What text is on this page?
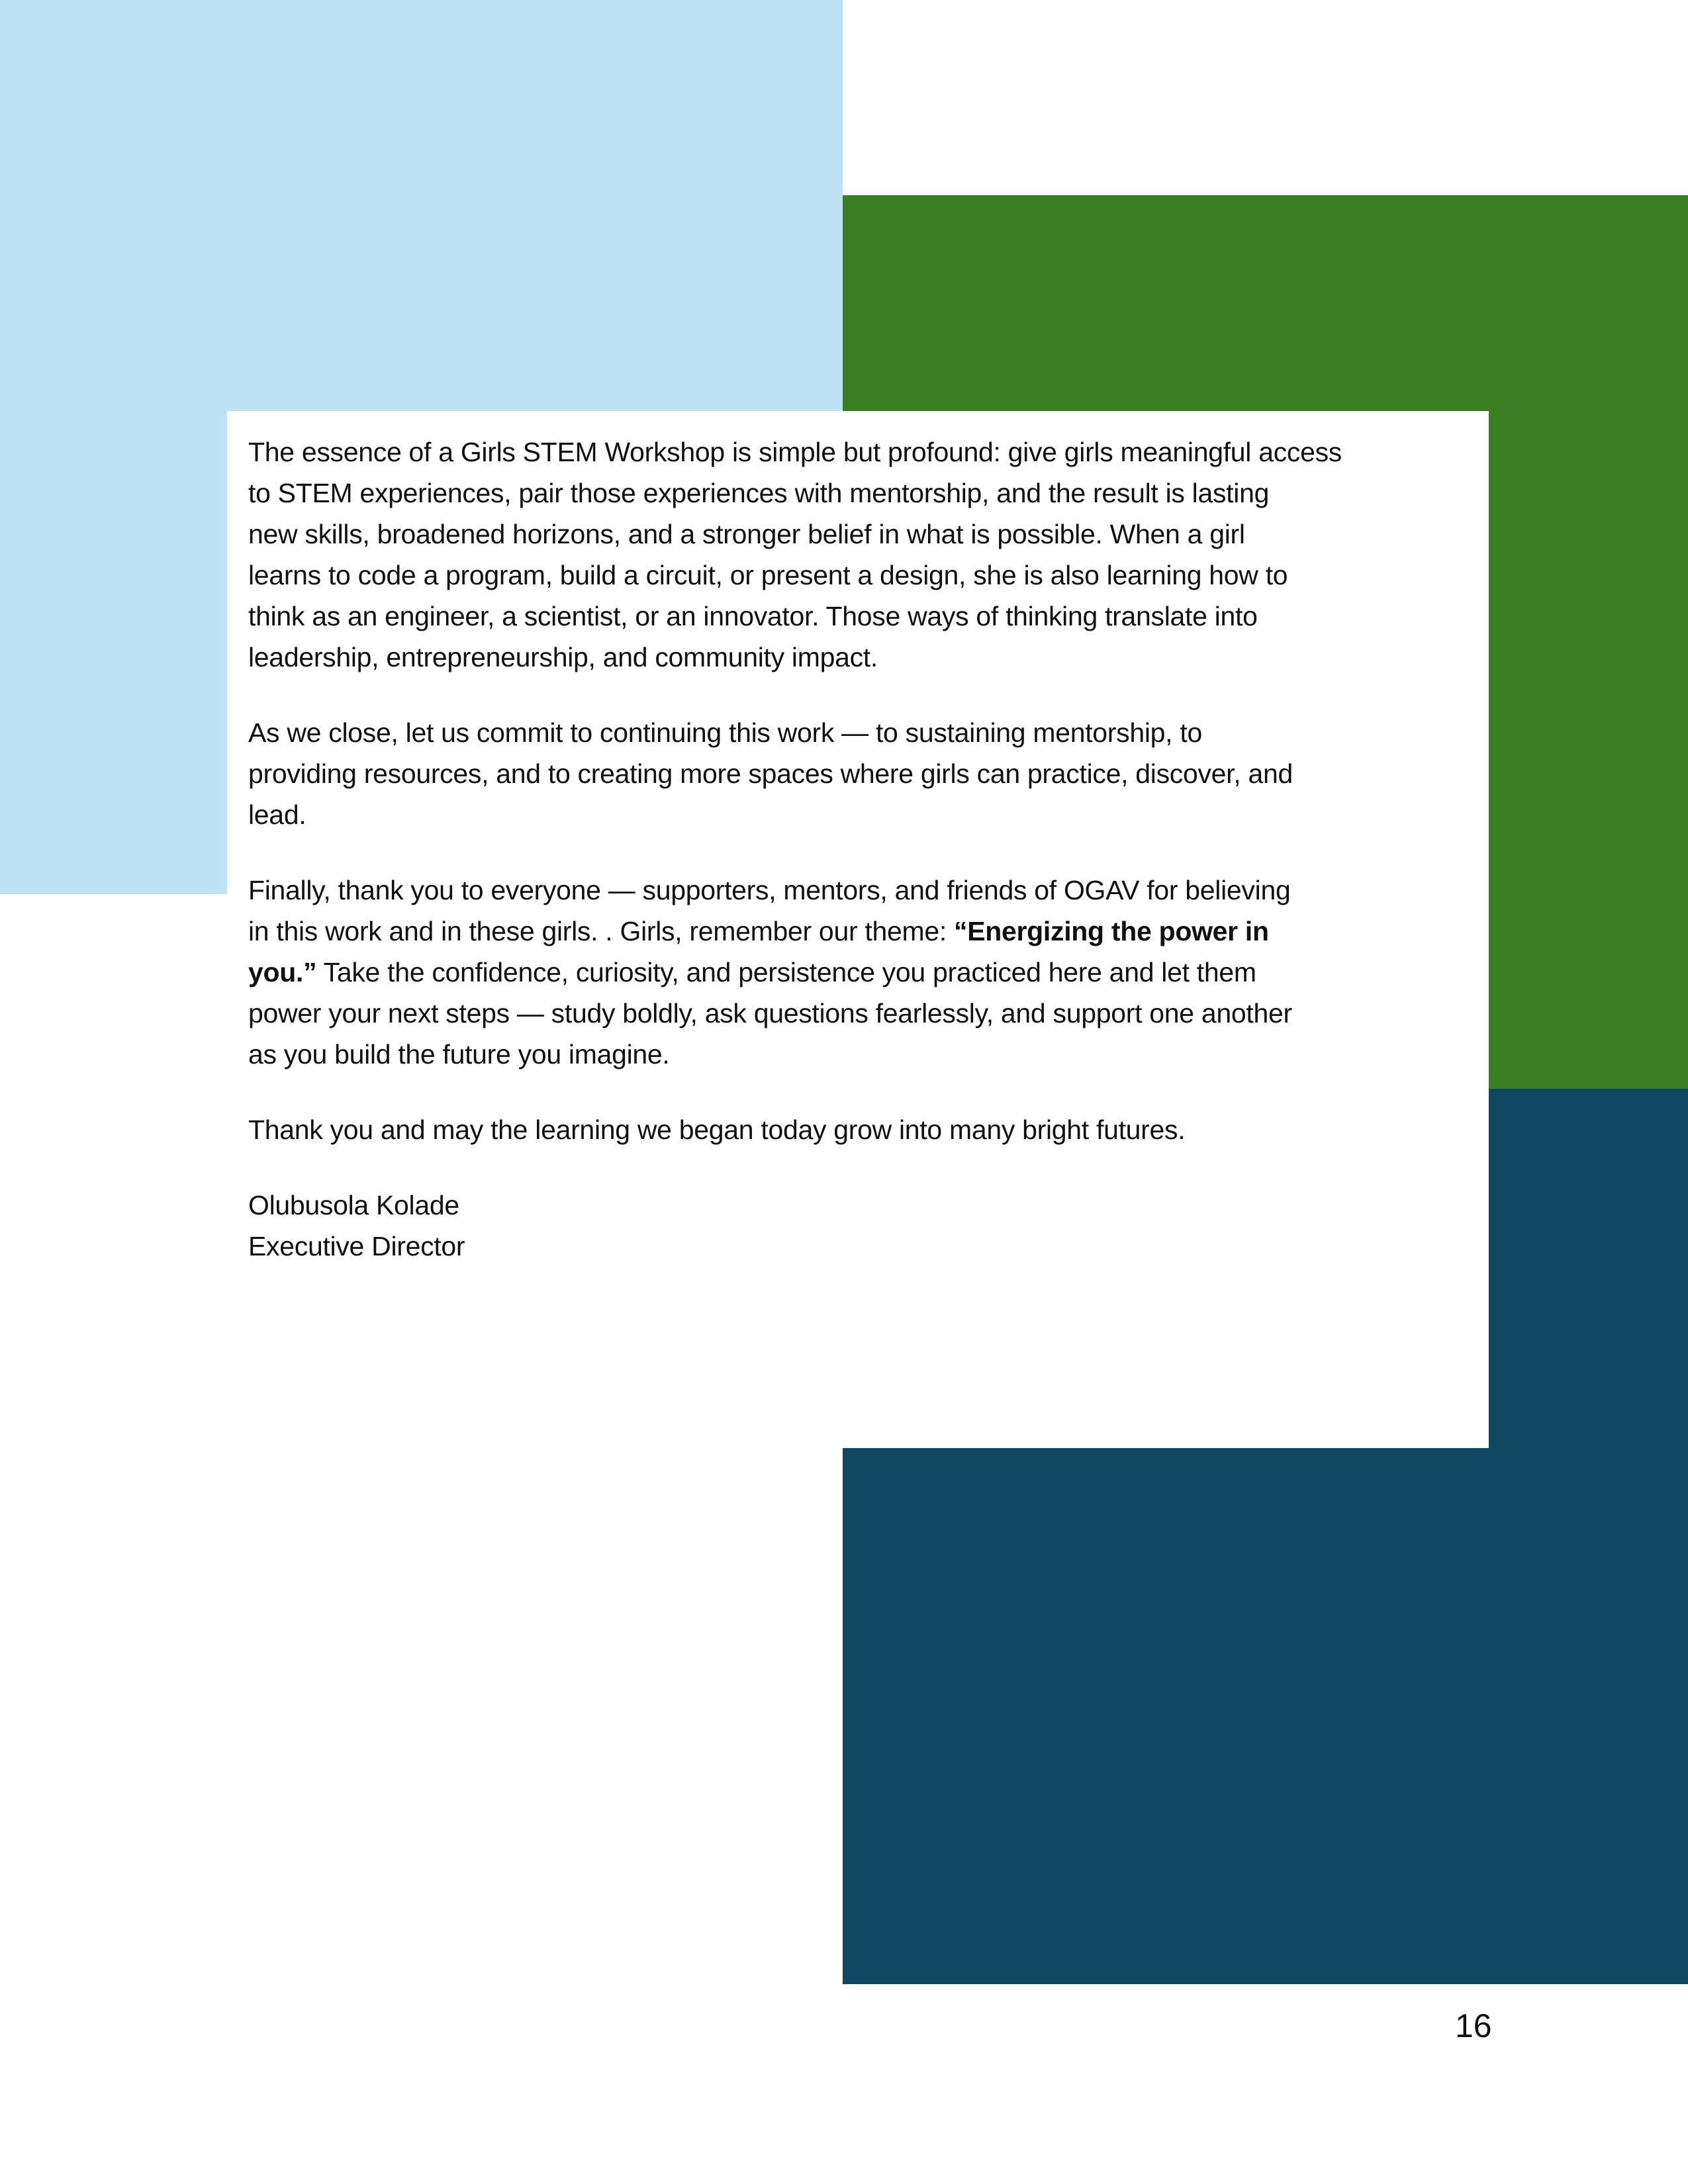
The essence of a Girls STEM Workshop is simple but profound: give girls meaningful access
to STEM experiences, pair those experiences with mentorship, and the result is lasting
new skills, broadened horizons, and a stronger belief in what is possible. When a girl
learns to code a program, build a circuit, or present a design, she is also learning how to
think as an engineer, a scientist, or an innovator. Those ways of thinking translate into
leadership, entrepreneurship, and community impact.
As we close, let us commit to continuing this work — to sustaining mentorship, to
providing resources, and to creating more spaces where girls can practice, discover, and
lead.
Finally, thank you to everyone — supporters, mentors, and friends of OGAV for believing
in this work and in these girls. . Girls, remember our theme: “Energizing the power in
you.” Take the confidence, curiosity, and persistence you practiced here and let them
power your next steps — study boldly, ask questions fearlessly, and support one another
as you build the future you imagine.
Thank you and may the learning we began today grow into many bright futures.
Olubusola Kolade
Executive Director
16
